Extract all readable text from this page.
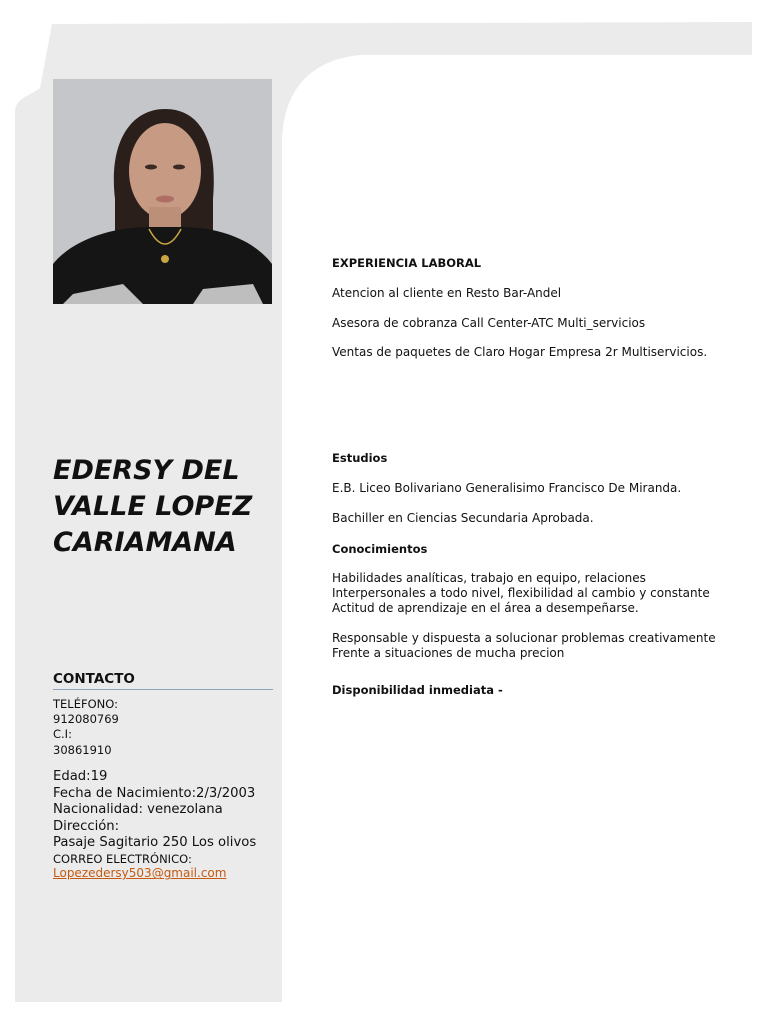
EDERSY DEL
VALLE LOPEZ
CARIAMANA
CONTACTO
TELÉFONO:
912080769
C.I:
30861910
Edad:19
Fecha de Nacimiento:2/3/2003
Nacionalidad: venezolana
Dirección:
Pasaje Sagitario 250 Los olivos
CORREO ELECTRÓNICO:
Lopezedersy503@gmail.com
EXPERIENCIA LABORAL
Atencion al cliente en Resto Bar-Andel
Asesora de cobranza Call Center-ATC Multi_servicios
Ventas de paquetes de Claro Hogar Empresa 2r Multiservicios.
Estudios
E.B. Liceo Bolivariano Generalisimo Francisco De Miranda.
Bachiller en Ciencias Secundaria Aprobada.
Conocimientos
Habilidades analíticas, trabajo en equipo, relaciones
Interpersonales a todo nivel, flexibilidad al cambio y constante
Actitud de aprendizaje en el área a desempeñarse.
Responsable y dispuesta a solucionar problemas creativamente
Frente a situaciones de mucha precion
Disponibilidad inmediata -
